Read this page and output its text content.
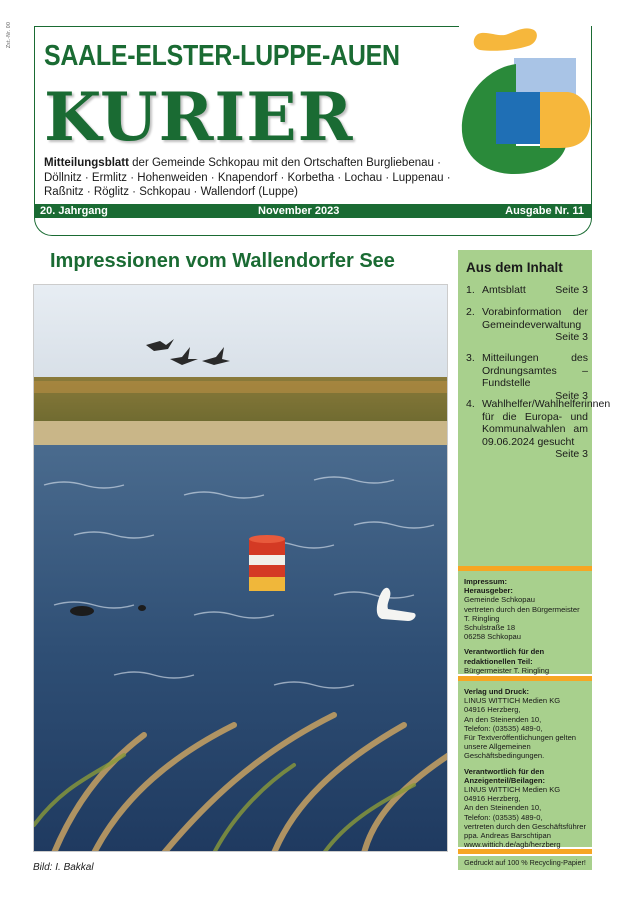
Zst.-Nr. 00
SAALE-ELSTER-LUPPE-AUEN
KURIER
Mitteilungsblatt der Gemeinde Schkopau mit den Ortschaften Burgliebenau · Döllnitz · Ermlitz · Hohenweiden · Knapendorf · Korbetha · Lochau · Luppenau · Raßnitz · Röglitz · Schkopau · Wallendorf (Luppe)
20. Jahrgang	November 2023	Ausgabe Nr. 11
Impressionen vom Wallendorfer See
Bild: I. Bakkal
Aus dem Inhalt
1. Amtsblatt	Seite 3
2. Vorabinformation der Gemeindeverwaltung
Seite 3
3. Mitteilungen des Ordnungsamtes – Fundstelle
Seite 3
4. Wahlhelfer/Wahlhelferinnen für die Europa- und Kommunalwahlen am 09.06.2024 gesucht
Seite 3
Impressum:
Herausgeber:
Gemeinde Schkopau
vertreten durch den Bürgermeister
T. Ringling
Schulstraße 18
06258 Schkopau
Verantwortlich für den redaktionellen Teil:
Bürgermeister T. Ringling
Verlag und Druck:
LINUS WITTICH Medien KG
04916 Herzberg,
An den Steinenden 10,
Telefon: (03535) 489-0,
Für Textveröffentlichungen gelten unsere Allgemeinen Geschäftsbedingungen.
Verantwortlich für den Anzeigenteil/Beilagen:
LINUS WITTICH Medien KG
04916 Herzberg,
An den Steinenden 10,
Telefon: (03535) 489-0,
vertreten durch den Geschäftsführer ppa. Andreas Barschtipan
www.wittich.de/agb/herzberg
Gedruckt auf 100 % Recycling-Papier!
